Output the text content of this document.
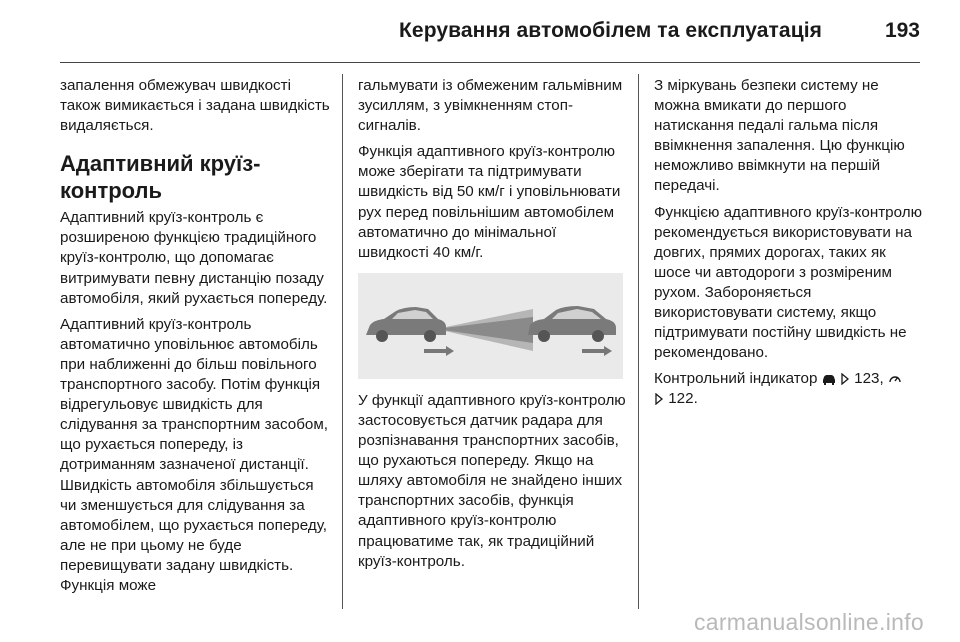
Керування автомобілем та експлуатація	193

запалення обмежувач швидкості також вимикається і задана швидкість видаляється.

Адаптивний круїз-контроль

Адаптивний круїз-контроль є розширеною функцією традиційного круїз-контролю, що допомагає витримувати певну дистанцію позаду автомобіля, який рухається попереду.

Адаптивний круїз-контроль автоматично уповільнює автомобіль при наближенні до більш повільного транспортного засобу. Потім функція відрегульовує швидкість для слідування за транспортним засобом, що рухається попереду, із дотриманням зазначеної дистанції. Швидкість автомобіля збільшується чи зменшується для слідування за автомобілем, що рухається попереду, але не при цьому не буде перевищувати задану швидкість. Функція може

гальмувати із обмеженим гальмівним зусиллям, з увімкненням стоп-сигналів.

Функція адаптивного круїз-контролю може зберігати та підтримувати швидкість від 50 км/г і уповільнювати рух перед повільнішим автомобілем автоматично до мінімальної швидкості 40 км/г.

У функції адаптивного круїз-контролю застосовується датчик радара для розпізнавання транспортних засобів, що рухаються попереду. Якщо на шляху автомобіля не знайдено інших транспортних засобів, функція адаптивного круїз-контролю працюватиме так, як традиційний круїз-контроль.

З міркувань безпеки систему не можна вмикати до першого натискання педалі гальма після ввімкнення запалення. Цю функцію неможливо ввімкнути на першій передачі.

Функцією адаптивного круїз-контролю рекомендується використовувати на довгих, прямих дорогах, таких як шосе чи автодороги з розміреним рухом. Забороняється використовувати систему, якщо підтримувати постійну швидкість не рекомендовано.

Контрольний індикатор 123,
122.

carmanualsonline.info
